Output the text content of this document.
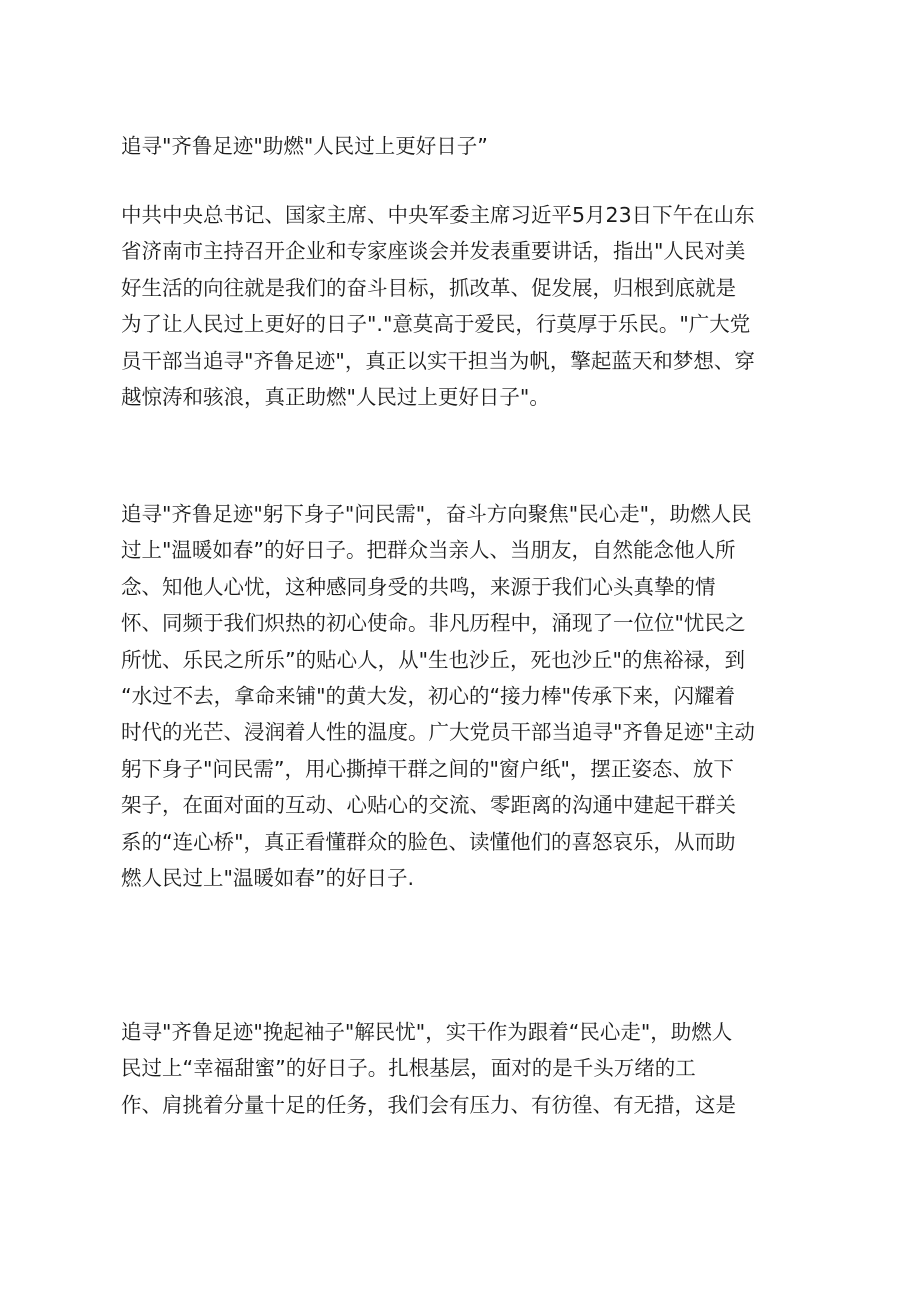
追寻"齐鲁足迹"助燃"人民过上更好日子”

中共中央总书记、国家主席、中央军委主席习近平5月23日下午在山东
省济南市主持召开企业和专家座谈会并发表重要讲话，指出"人民对美
好生活的向往就是我们的奋斗目标，抓改革、促发展，归根到底就是
为了让人民过上更好的日子"."意莫高于爱民，行莫厚于乐民。"广大党
员干部当追寻"齐鲁足迹"，真正以实干担当为帆，擎起蓝天和梦想、穿
越惊涛和骇浪，真正助燃"人民过上更好日子"。

追寻"齐鲁足迹"躬下身子"问民需"，奋斗方向聚焦"民心走"，助燃人民
过上"温暖如春”的好日子。把群众当亲人、当朋友，自然能念他人所
念、知他人心忧，这种感同身受的共鸣，来源于我们心头真挚的情
怀、同频于我们炽热的初心使命。非凡历程中，涌现了一位位"忧民之
所忧、乐民之所乐”的贴心人，从"生也沙丘，死也沙丘"的焦裕禄，到
“水过不去，拿命来铺"的黄大发，初心的“接力棒"传承下来，闪耀着
时代的光芒、浸润着人性的温度。广大党员干部当追寻"齐鲁足迹"主动
躬下身子"问民需”，用心撕掉干群之间的"窗户纸"，摆正姿态、放下
架子，在面对面的互动、心贴心的交流、零距离的沟通中建起干群关
系的“连心桥"，真正看懂群众的脸色、读懂他们的喜怒哀乐，从而助
燃人民过上"温暖如春”的好日子.

追寻"齐鲁足迹"挽起袖子"解民忧"，实干作为跟着“民心走"，助燃人
民过上“幸福甜蜜”的好日子。扎根基层，面对的是千头万绪的工
作、肩挑着分量十足的任务，我们会有压力、有彷徨、有无措，这是
